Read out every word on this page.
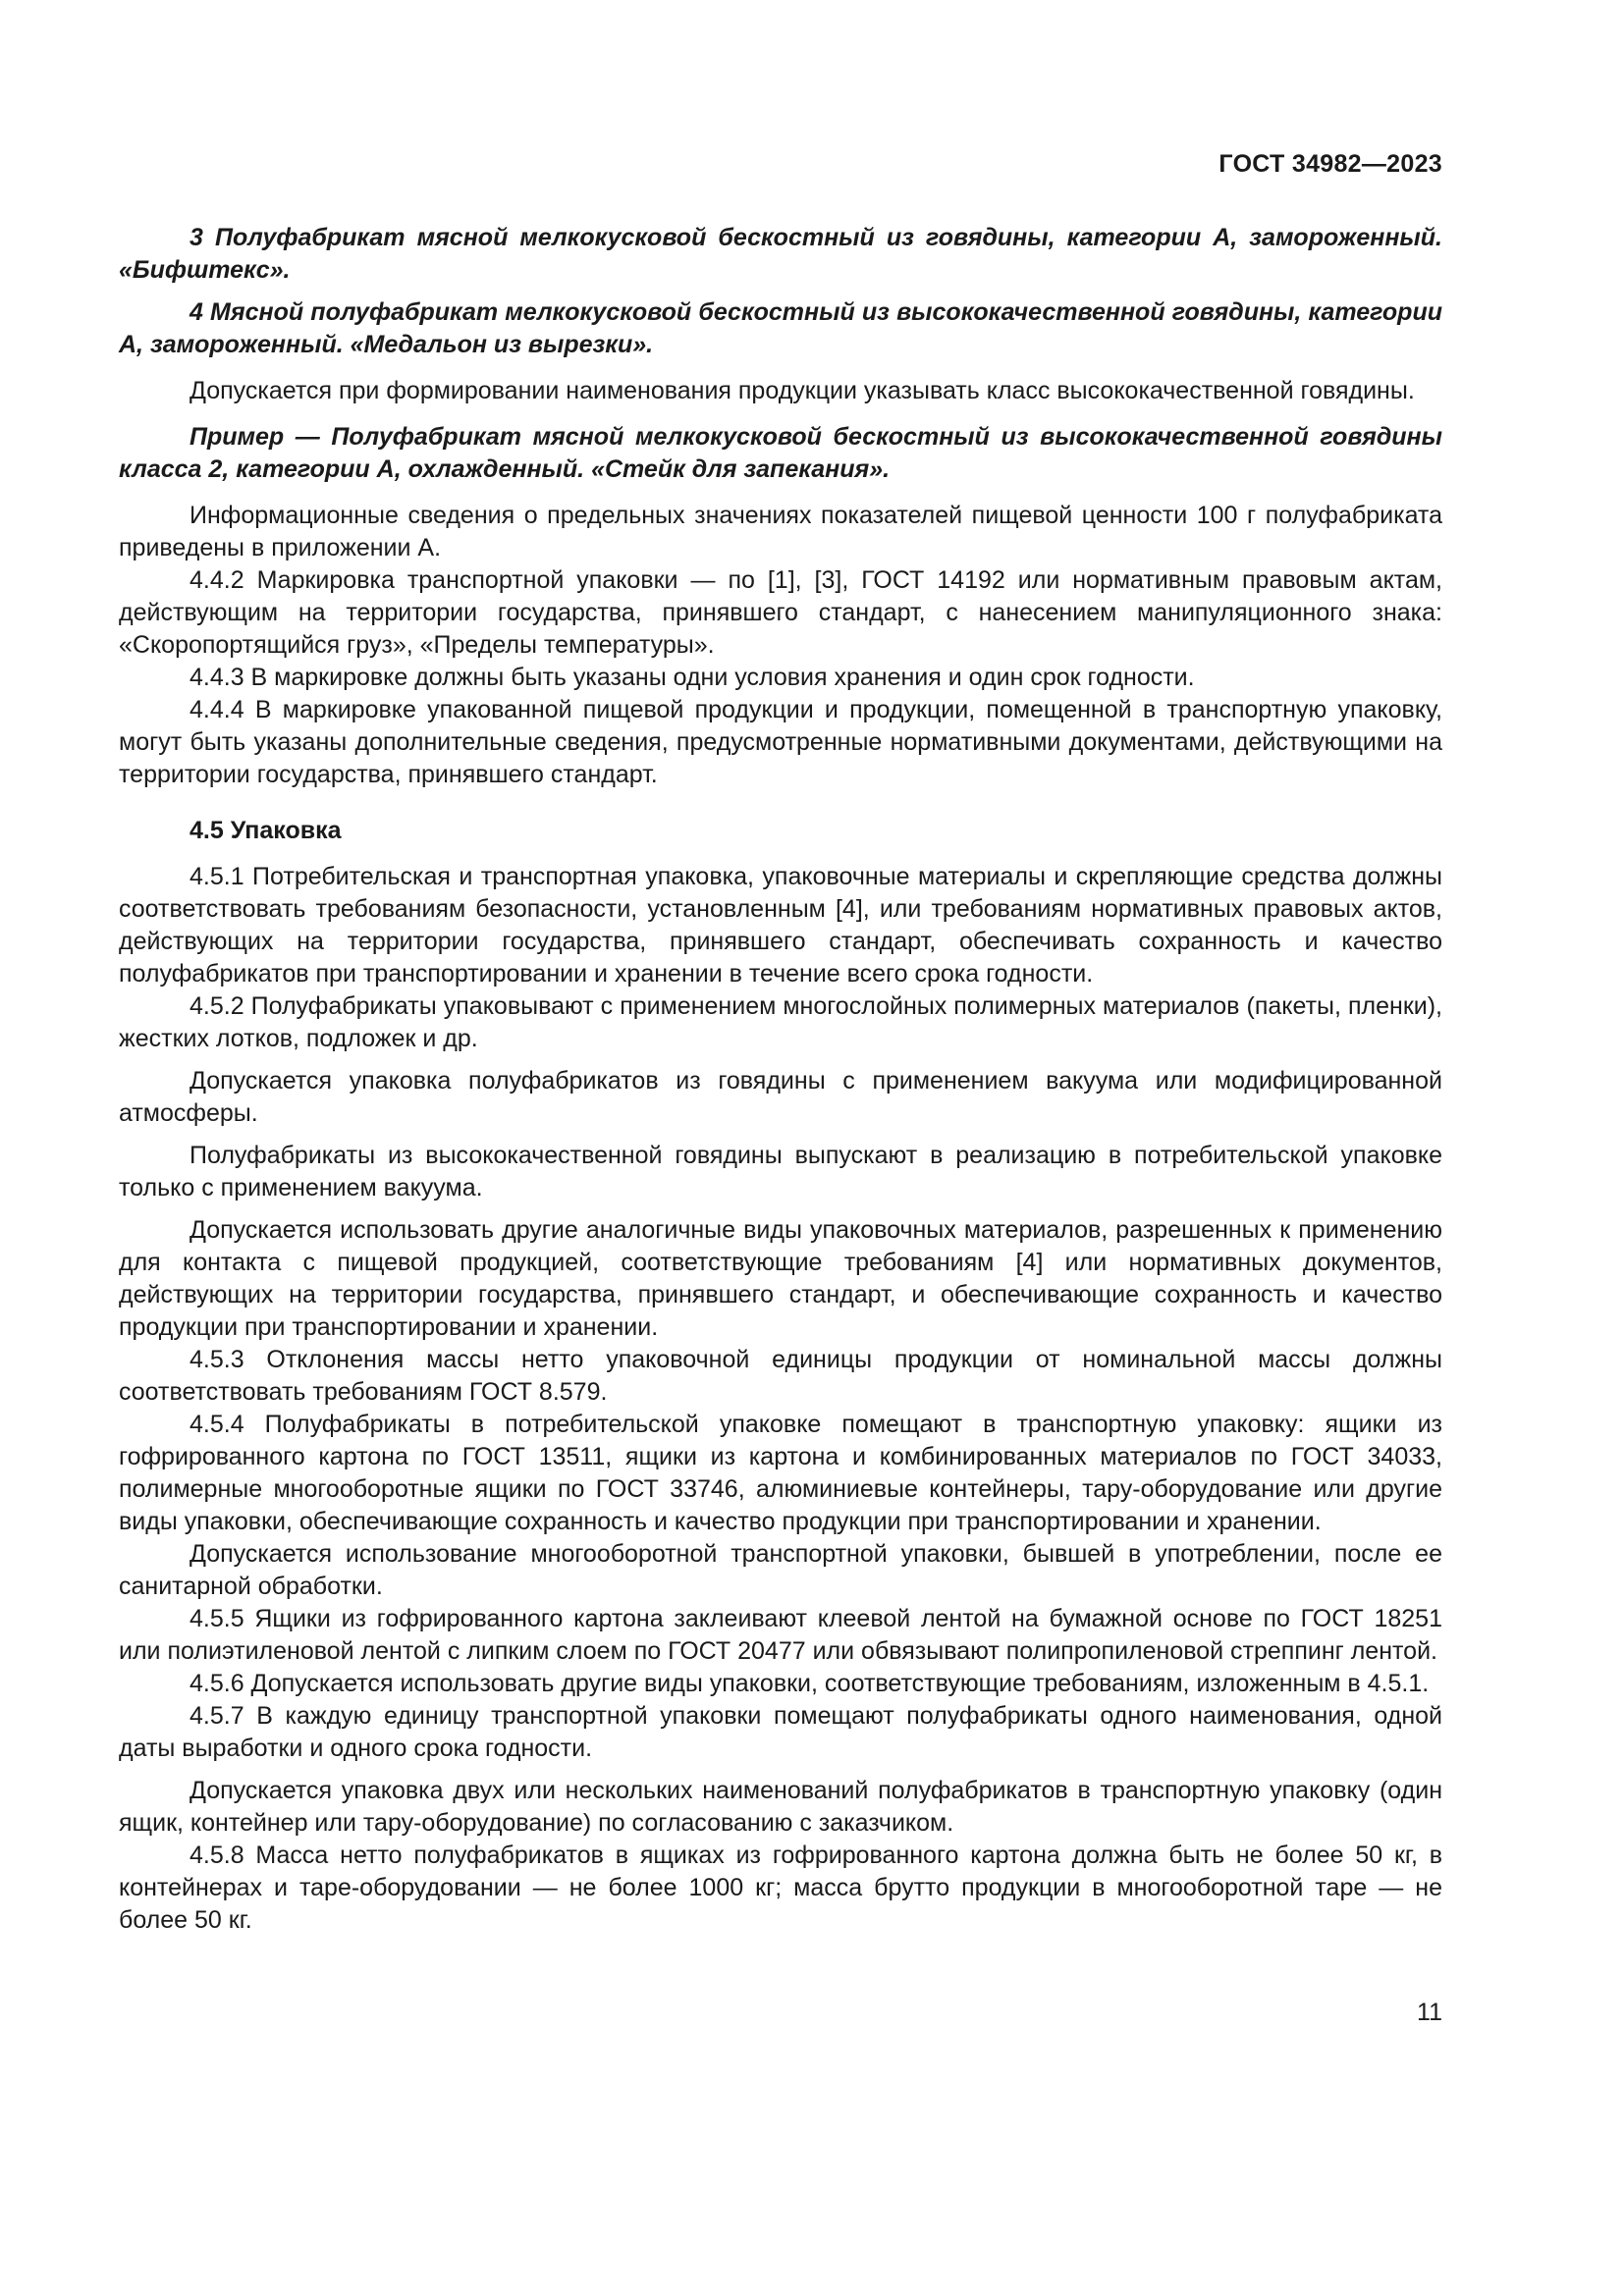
ГОСТ 34982—2023

3 Полуфабрикат мясной мелкокусковой бескостный из говядины, категории А, замороженный. «Бифштекс».

4 Мясной полуфабрикат мелкокусковой бескостный из высококачественной говядины, категории А, замороженный. «Медальон из вырезки».

Допускается при формировании наименования продукции указывать класс высококачественной говядины.

Пример — Полуфабрикат мясной мелкокусковой бескостный из высококачественной говядины класса 2, категории А, охлажденный. «Стейк для запекания».

Информационные сведения о предельных значениях показателей пищевой ценности 100 г полуфабриката приведены в приложении А.

4.4.2 Маркировка транспортной упаковки — по [1], [3], ГОСТ 14192 или нормативным правовым актам, действующим на территории государства, принявшего стандарт, с нанесением манипуляционного знака: «Скоропортящийся груз», «Пределы температуры».

4.4.3 В маркировке должны быть указаны одни условия хранения и один срок годности.

4.4.4 В маркировке упакованной пищевой продукции и продукции, помещенной в транспортную упаковку, могут быть указаны дополнительные сведения, предусмотренные нормативными документами, действующими на территории государства, принявшего стандарт.

4.5 Упаковка

4.5.1 Потребительская и транспортная упаковка, упаковочные материалы и скрепляющие средства должны соответствовать требованиям безопасности, установленным [4], или требованиям нормативных правовых актов, действующих на территории государства, принявшего стандарт, обеспечивать сохранность и качество полуфабрикатов при транспортировании и хранении в течение всего срока годности.

4.5.2 Полуфабрикаты упаковывают с применением многослойных полимерных материалов (пакеты, пленки), жестких лотков, подложек и др.

Допускается упаковка полуфабрикатов из говядины с применением вакуума или модифицированной атмосферы.

Полуфабрикаты из высококачественной говядины выпускают в реализацию в потребительской упаковке только с применением вакуума.

Допускается использовать другие аналогичные виды упаковочных материалов, разрешенных к применению для контакта с пищевой продукцией, соответствующие требованиям [4] или нормативных документов, действующих на территории государства, принявшего стандарт, и обеспечивающие сохранность и качество продукции при транспортировании и хранении.

4.5.3 Отклонения массы нетто упаковочной единицы продукции от номинальной массы должны соответствовать требованиям ГОСТ 8.579.

4.5.4 Полуфабрикаты в потребительской упаковке помещают в транспортную упаковку: ящики из гофрированного картона по ГОСТ 13511, ящики из картона и комбинированных материалов по ГОСТ 34033, полимерные многооборотные ящики по ГОСТ 33746, алюминиевые контейнеры, тару-оборудование или другие виды упаковки, обеспечивающие сохранность и качество продукции при транспортировании и хранении.

Допускается использование многооборотной транспортной упаковки, бывшей в употреблении, после ее санитарной обработки.

4.5.5 Ящики из гофрированного картона заклеивают клеевой лентой на бумажной основе по ГОСТ 18251 или полиэтиленовой лентой с липким слоем по ГОСТ 20477 или обвязывают полипропиленовой стреппинг лентой.

4.5.6 Допускается использовать другие виды упаковки, соответствующие требованиям, изложенным в 4.5.1.

4.5.7 В каждую единицу транспортной упаковки помещают полуфабрикаты одного наименования, одной даты выработки и одного срока годности.

Допускается упаковка двух или нескольких наименований полуфабрикатов в транспортную упаковку (один ящик, контейнер или тару-оборудование) по согласованию с заказчиком.

4.5.8 Масса нетто полуфабрикатов в ящиках из гофрированного картона должна быть не более 50 кг, в контейнерах и таре-оборудовании — не более 1000 кг; масса брутто продукции в многооборотной таре — не более 50 кг.

11
